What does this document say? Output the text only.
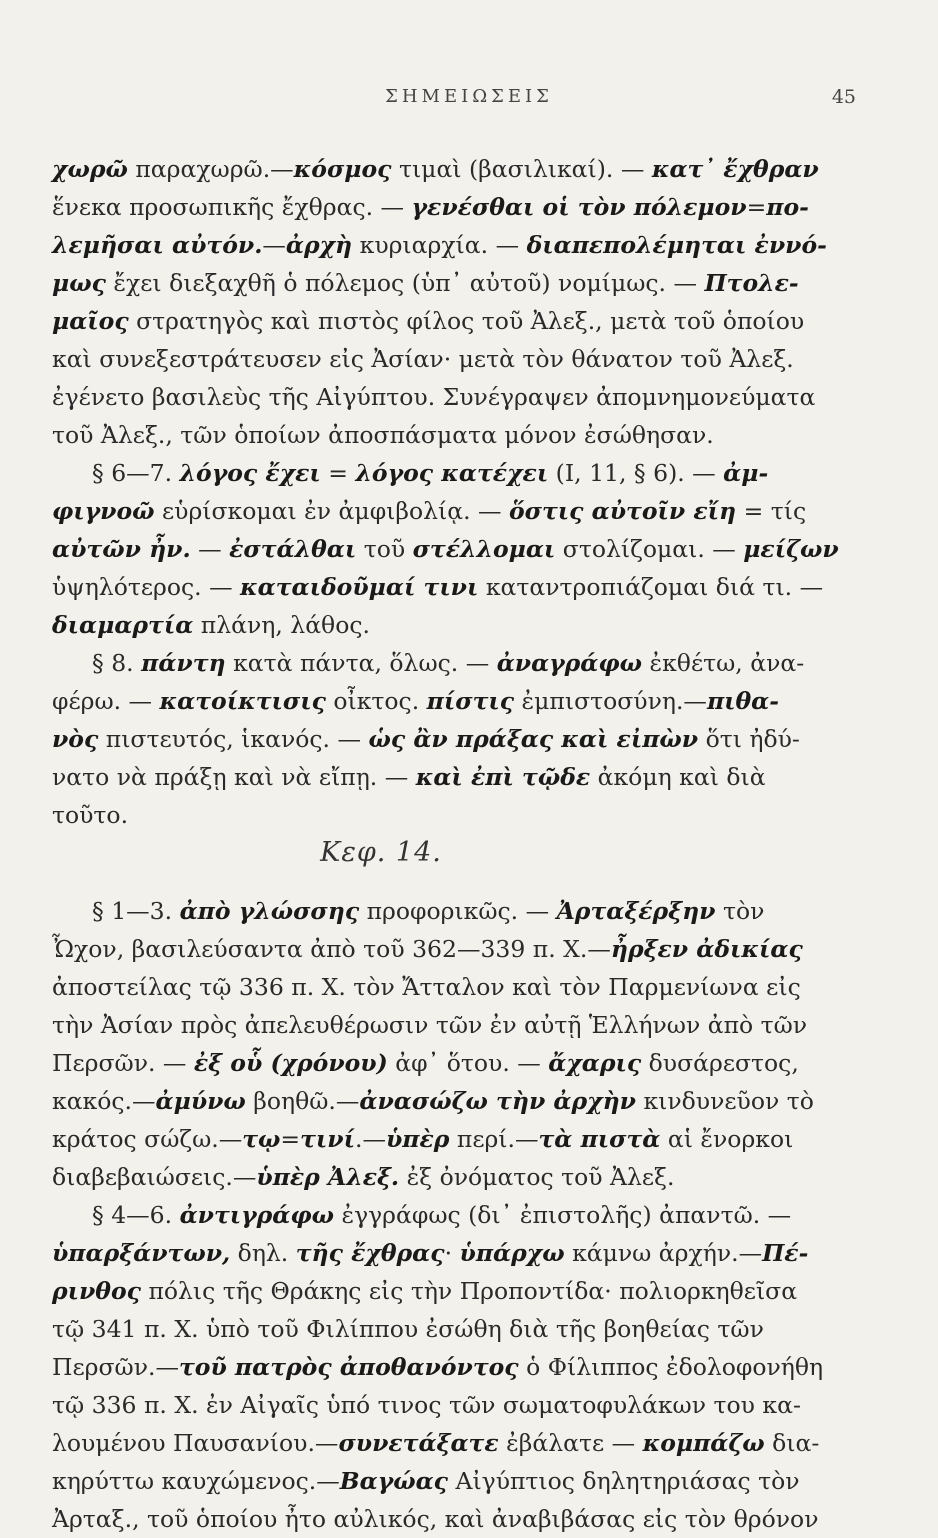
ΣΗΜΕΙΩΣΕΙΣ	45
χωρῶ παραχωρῶ.—κόσμος τιμαὶ (βασιλικαί). — κατ᾽ ἔχθραν
ἕνεκα προσωπικῆς ἔχθρας. — γενέσθαι οἱ τὸν πόλεμον=πο-
λεμῆσαι αὐτόν.—ἀρχὴ κυριαρχία. — διαπεπολέμηται ἐννό-
μως ἔχει διεξαχθῆ ὁ πόλεμος (ὑπ᾽ αὐτοῦ) νομίμως. — Πτολε-
μαῖος στρατηγὸς καὶ πιστὸς φίλος τοῦ Ἀλεξ., μετὰ τοῦ ὁποίου
καὶ συνεξεστράτευσεν εἰς Ἀσίαν· μετὰ τὸν θάνατον τοῦ Ἀλεξ.
ἐγένετο βασιλεὺς τῆς Αἰγύπτου. Συνέγραψεν ἀπομνημονεύματα
τοῦ Ἀλεξ., τῶν ὁποίων ἀποσπάσματα μόνον ἐσώθησαν.
§ 6—7. λόγος ἔχει = λόγος κατέχει (Ι, 11, § 6). — ἀμ-
φιγνοῶ εὑρίσκομαι ἐν ἀμφιβολίᾳ. — ὅστις αὐτοῖν εἴη = τίς
αὐτῶν ἦν. — ἐστάλθαι τοῦ στέλλομαι στολίζομαι. — μείζων
ὑψηλότερος. — καταιδοῦμαί τινι καταντροπιάζομαι διά τι. —
διαμαρτία πλάνη, λάθος.
§ 8. πάντη κατὰ πάντα, ὅλως. — ἀναγράφω ἐκθέτω, ἀνα-
φέρω. — κατοίκτισις οἶκτος. πίστις ἐμπιστοσύνη.—πιθα-
νὸς πιστευτός, ἱκανός. — ὡς ἂν πράξας καὶ εἰπὼν ὅτι ἠδύ-
νατο νὰ πράξῃ καὶ νὰ εἴπῃ. — καὶ ἐπὶ τῷδε ἀκόμη καὶ διὰ
τοῦτο.
Κεφ. 14.
§ 1—3. ἀπὸ γλώσσης προφορικῶς. — Ἀρταξέρξην τὸν
Ὦχον, βασιλεύσαντα ἀπὸ τοῦ 362—339 π. Χ.—ἦρξεν ἀδικίας
ἀποστείλας τῷ 336 π. Χ. τὸν Ἄτταλον καὶ τὸν Παρμενίωνα εἰς
τὴν Ἀσίαν πρὸς ἀπελευθέρωσιν τῶν ἐν αὐτῇ Ἑλλήνων ἀπὸ τῶν
Περσῶν. — ἐξ οὗ (χρόνου) ἀφ᾽ ὅτου. — ἄχαρις δυσάρεστος,
κακός.—ἀμύνω βοηθῶ.—ἀνασώζω τὴν ἀρχὴν κινδυνεῦον τὸ
κράτος σώζω.—τῳ=τινί.—ὑπὲρ περί.—τὰ πιστὰ αἱ ἔνορκοι
διαβεβαιώσεις.—ὑπὲρ Ἀλεξ. ἐξ ὀνόματος τοῦ Ἀλεξ.
§ 4—6. ἀντιγράφω ἐγγράφως (δι᾽ ἐπιστολῆς) ἀπαντῶ. —
ὑπαρξάντων, δηλ. τῆς ἔχθρας· ὑπάρχω κάμνω ἀρχήν.—Πέ-
ρινθος πόλις τῆς Θράκης εἰς τὴν Προποντίδα· πολιορκηθεῖσα
τῷ 341 π. Χ. ὑπὸ τοῦ Φιλίππου ἐσώθη διὰ τῆς βοηθείας τῶν
Περσῶν.—τοῦ πατρὸς ἀποθανόντος ὁ Φίλιππος ἐδολοφονήθη
τῷ 336 π. Χ. ἐν Αἰγαῖς ὑπό τινος τῶν σωματοφυλάκων του κα-
λουμένου Παυσανίου.—συνετάξατε ἐβάλατε — κομπάζω δια-
κηρύττω καυχώμενος.—Βαγώας Αἰγύπτιος δηλητηριάσας τὸν
Ἀρταξ., τοῦ ὁποίου ἦτο αὐλικός, καὶ ἀναβιβάσας εἰς τὸν θρόνον
